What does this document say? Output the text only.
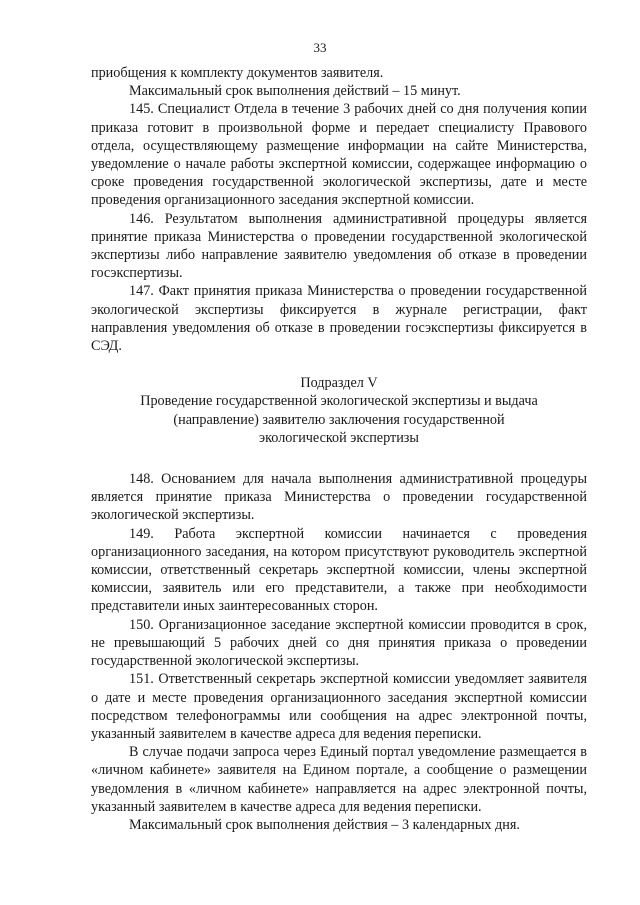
33

приобщения к комплекту документов заявителя.

Максимальный срок выполнения действий – 15 минут.

145. Специалист Отдела в течение 3 рабочих дней со дня получения копии приказа готовит в произвольной форме и передает специалисту Правового отдела, осуществляющему размещение информации на сайте Министерства, уведомление о начале работы экспертной комиссии, содержащее информацию о сроке проведения государственной экологической экспертизы, дате и месте проведения организационного заседания экспертной комиссии.

146. Результатом выполнения административной процедуры является принятие приказа Министерства о проведении государственной экологической экспертизы либо направление заявителю уведомления об отказе в проведении госэкспертизы.

147. Факт принятия приказа Министерства о проведении государственной экологической экспертизы фиксируется в журнале регистрации, факт направления уведомления об отказе в проведении госэкспертизы фиксируется в СЭД.

Подраздел V
Проведение государственной экологической экспертизы и выдача
(направление) заявителю заключения государственной
экологической экспертизы

148. Основанием для начала выполнения административной процедуры является принятие приказа Министерства о проведении государственной экологической экспертизы.

149. Работа экспертной комиссии начинается с проведения организационного заседания, на котором присутствуют руководитель экспертной комиссии, ответственный секретарь экспертной комиссии, члены экспертной комиссии, заявитель или его представители, а также при необходимости представители иных заинтересованных сторон.

150. Организационное заседание экспертной комиссии проводится в срок, не превышающий 5 рабочих дней со дня принятия приказа о проведении государственной экологической экспертизы.

151. Ответственный секретарь экспертной комиссии уведомляет заявителя о дате и месте проведения организационного заседания экспертной комиссии посредством телефонограммы или сообщения на адрес электронной почты, указанный заявителем в качестве адреса для ведения переписки.

В случае подачи запроса через Единый портал уведомление размещается в «личном кабинете» заявителя на Едином портале, а сообщение о размещении уведомления в «личном кабинете» направляется на адрес электронной почты, указанный заявителем в качестве адреса для ведения переписки.

Максимальный срок выполнения действия – 3 календарных дня.
